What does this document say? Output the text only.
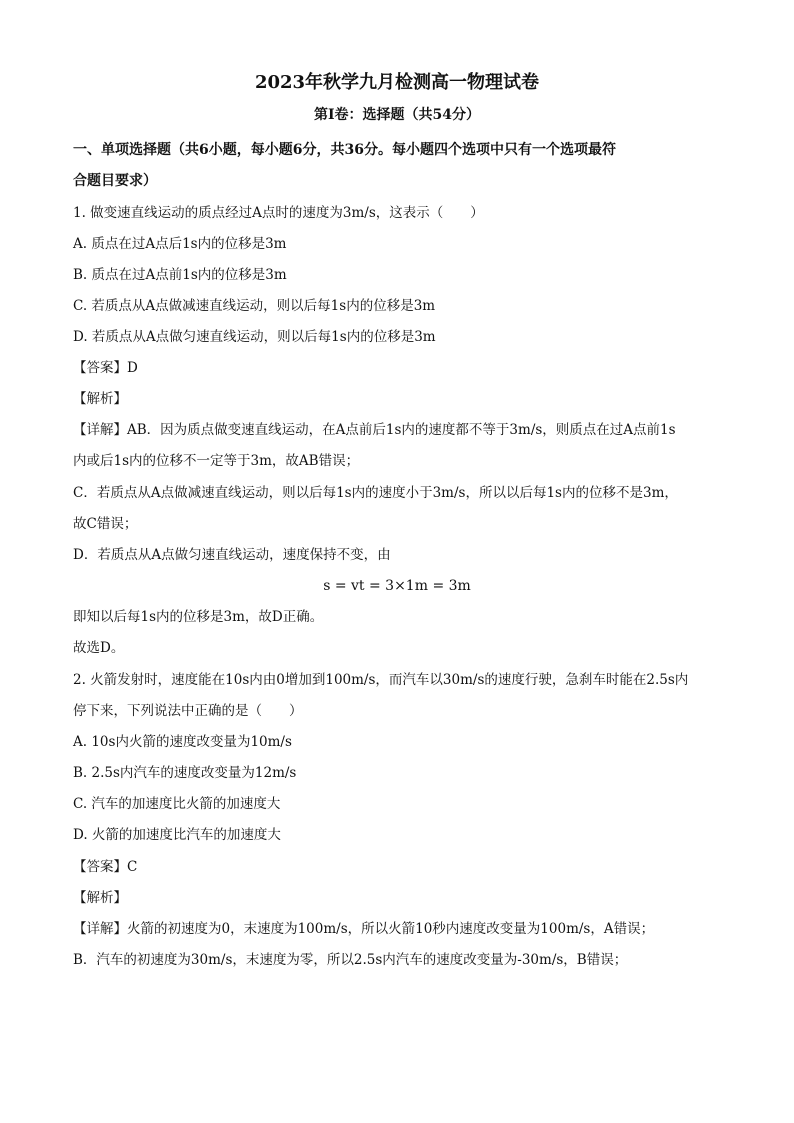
2023年秋学九月检测高一物理试卷
第Ⅰ卷：选择题（共54分）
一、单项选择题（共6小题，每小题6分，共36分。每小题四个选项中只有一个选项最符
合题目要求）
1. 做变速直线运动的质点经过A点时的速度为3m/s，这表示（　　）
A. 质点在过A点后1s内的位移是3m
B. 质点在过A点前1s内的位移是3m
C. 若质点从A点做减速直线运动，则以后每1s内的位移是3m
D. 若质点从A点做匀速直线运动，则以后每1s内的位移是3m
【答案】D
【解析】
【详解】AB．因为质点做变速直线运动，在A点前后1s内的速度都不等于3m/s，则质点在过A点前1s
内或后1s内的位移不一定等于3m，故AB错误；
C．若质点从A点做减速直线运动，则以后每1s内的速度小于3m/s，所以以后每1s内的位移不是3m，
故C错误；
D．若质点从A点做匀速直线运动，速度保持不变，由
s = vt = 3×1m = 3m
即知以后每1s内的位移是3m，故D正确。
故选D。
2. 火箭发射时，速度能在10s内由0增加到100m/s，而汽车以30m/s的速度行驶，急刹车时能在2.5s内
停下来，下列说法中正确的是（　　）
A. 10s内火箭的速度改变量为10m/s
B. 2.5s内汽车的速度改变量为12m/s
C. 汽车的加速度比火箭的加速度大
D. 火箭的加速度比汽车的加速度大
【答案】C
【解析】
【详解】火箭的初速度为0，末速度为100m/s，所以火箭10秒内速度改变量为100m/s，A错误；
B．汽车的初速度为30m/s，末速度为零，所以2.5s内汽车的速度改变量为-30m/s，B错误；
